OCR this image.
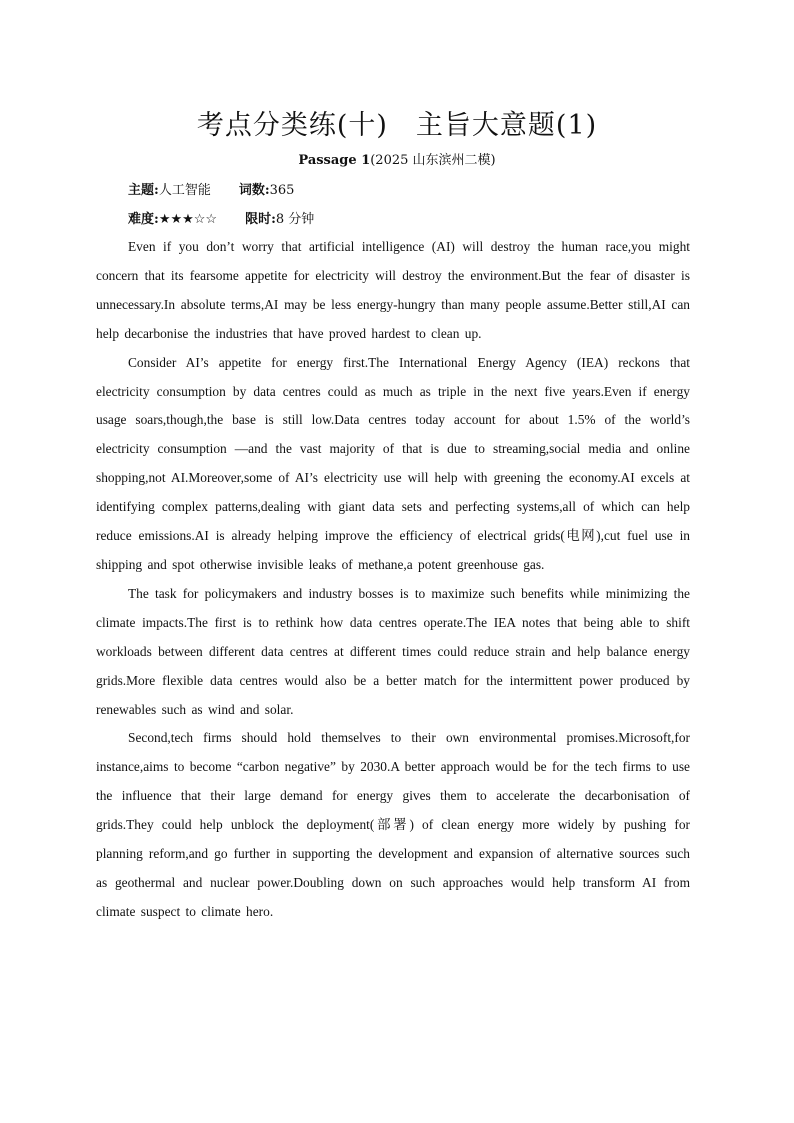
考点分类练(十)　主旨大意题(1)
Passage 1(2025 山东滨州二模)
主题:人工智能 词数:365
难度:★★★☆☆ 限时:8 分钟

Even if you don’t worry that artificial intelligence (AI) will destroy the human race,you might concern that its fearsome appetite for electricity will destroy the environment.But the fear of disaster is unnecessary.In absolute terms,AI may be less energy-hungry than many people assume.Better still,AI can help decarbonise the industries that have proved hardest to clean up.

Consider AI’s appetite for energy first.The International Energy Agency (IEA) reckons that electricity consumption by data centres could as much as triple in the next five years.Even if energy usage soars,though,the base is still low.Data centres today account for about 1.5% of the world’s electricity consumption —and the vast majority of that is due to streaming,social media and online shopping,not AI.Moreover,some of AI’s electricity use will help with greening the economy.AI excels at identifying complex patterns,dealing with giant data sets and perfecting systems,all of which can help reduce emissions.AI is already helping improve the efficiency of electrical grids(电网),cut fuel use in shipping and spot otherwise invisible leaks of methane,a potent greenhouse gas.

The task for policymakers and industry bosses is to maximize such benefits while minimizing the climate impacts.The first is to rethink how data centres operate.The IEA notes that being able to shift workloads between different data centres at different times could reduce strain and help balance energy grids.More flexible data centres would also be a better match for the intermittent power produced by renewables such as wind and solar.

Second,tech firms should hold themselves to their own environmental promises.Microsoft,for instance,aims to become “carbon negative” by 2030.A better approach would be for the tech firms to use the influence that their large demand for energy gives them to accelerate the decarbonisation of grids.They could help unblock the deployment(部署) of clean energy more widely by pushing for planning reform,and go further in supporting the development and expansion of alternative sources such as geothermal and nuclear power.Doubling down on such approaches would help transform AI from climate suspect to climate hero.
